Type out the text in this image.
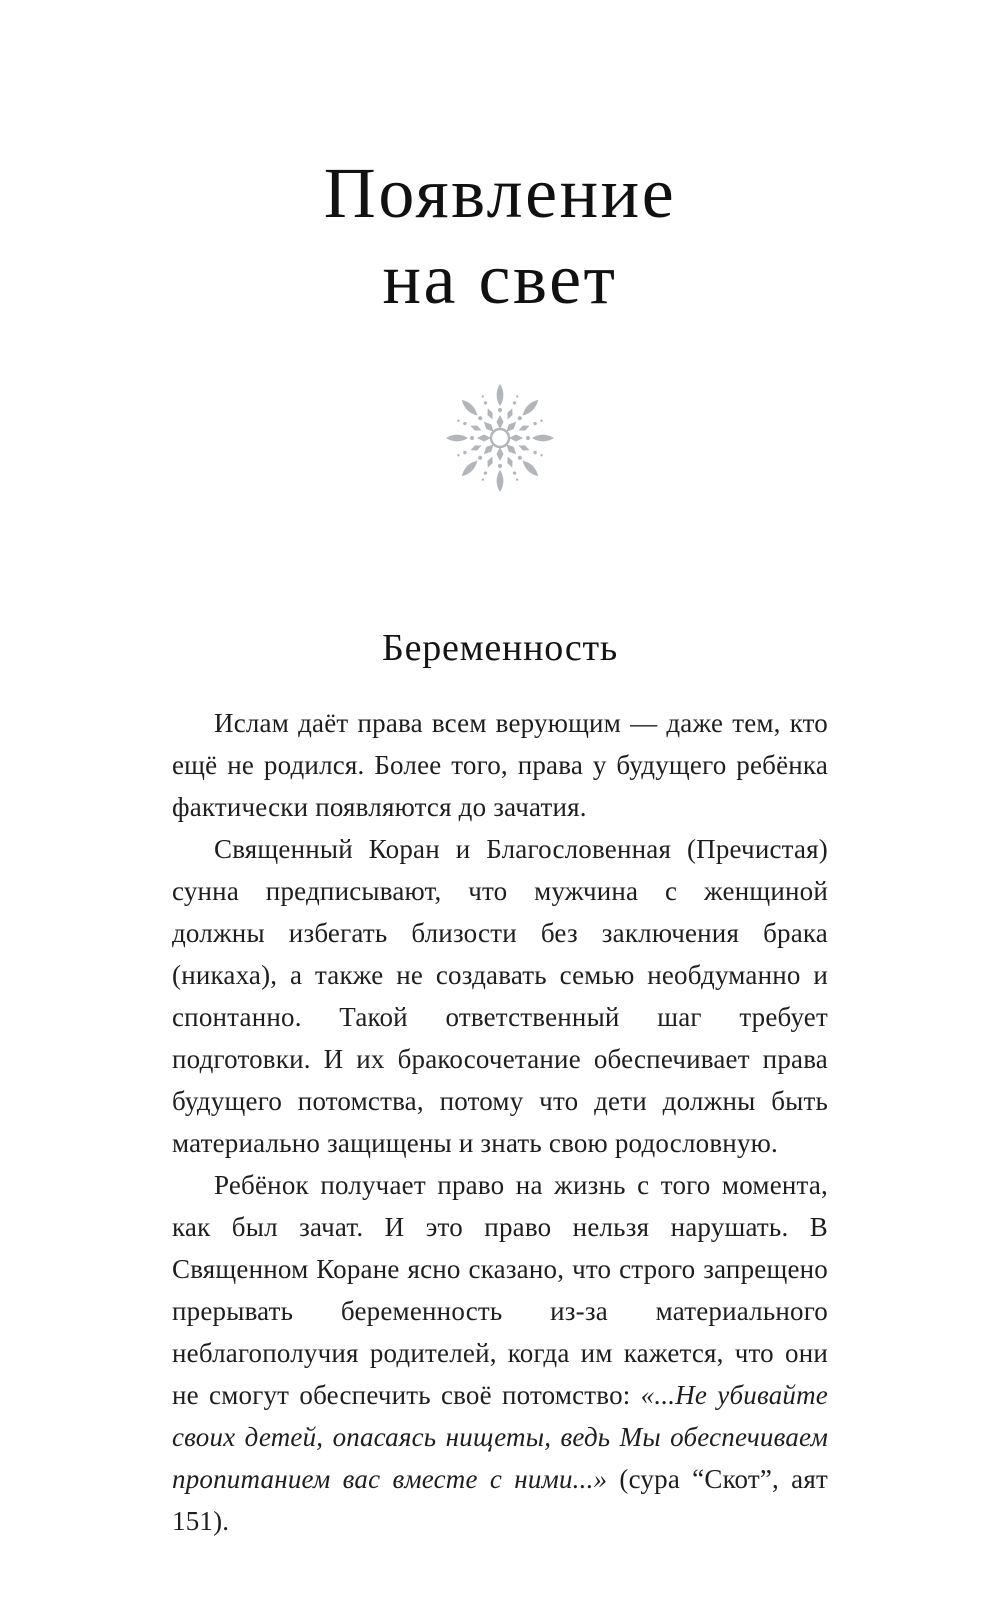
Появление
на свет
Беременность

Ислам даёт права всем верующим — даже тем, кто ещё не родился. Более того, права у будущего ребёнка фактически появляются до зачатия.

Священный Коран и Благословенная (Пречистая) сунна предписывают, что мужчина с женщиной должны избегать близости без заключения брака (никаха), а также не создавать семью необдуманно и спонтанно. Такой ответственный шаг требует подготовки. И их бракосочетание обеспечивает права будущего потомства, потому что дети должны быть материально защищены и знать свою родословную.

Ребёнок получает право на жизнь с того момента, как был зачат. И это право нельзя нарушать. В Священном Коране ясно сказано, что строго запрещено прерывать беременность из-за материального неблагополучия родителей, когда им кажется, что они не смогут обеспечить своё потомство: «...Не убивайте своих детей, опасаясь нищеты, ведь Мы обеспечиваем пропитанием вас вместе с ними...» (сура “Скот”, аят 151).
